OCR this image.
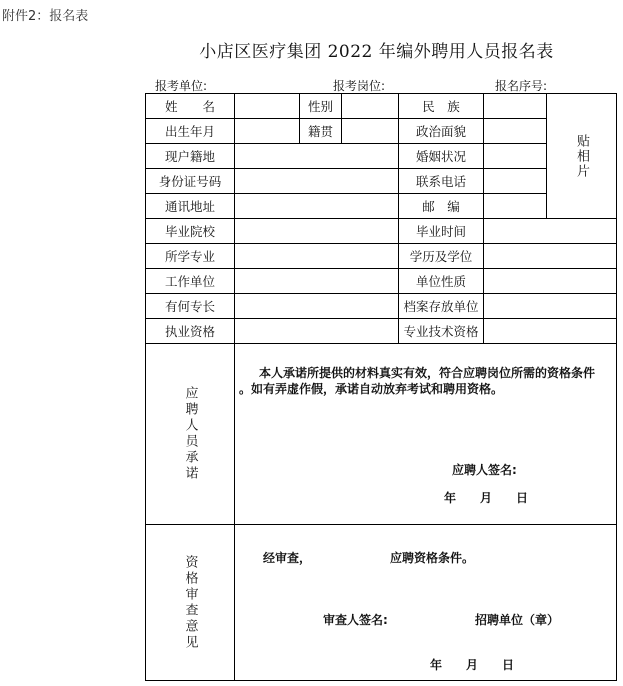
附件2：报名表
小店区医疗集团 2022 年编外聘用人员报名表
报考单位:	报考岗位:	报名序号:
姓　　名	性别	民　族
贴相片
出生年月	籍贯	政治面貌
现户籍地	婚姻状况
身份证号码	联系电话
通讯地址	邮　编
毕业院校	毕业时间
所学专业	学历及学位
工作单位	单位性质
有何专长	档案存放单位
执业资格	专业技术资格
应聘人员承诺
本人承诺所提供的材料真实有效，符合应聘岗位所需的资格条件
。如有弄虚作假，承诺自动放弃考试和聘用资格。
应聘人签名:
年　　月　　日
资格审查意见	经审查，	应聘资格条件。
审查人签名:	招聘单位（章）
年　　月　　日
